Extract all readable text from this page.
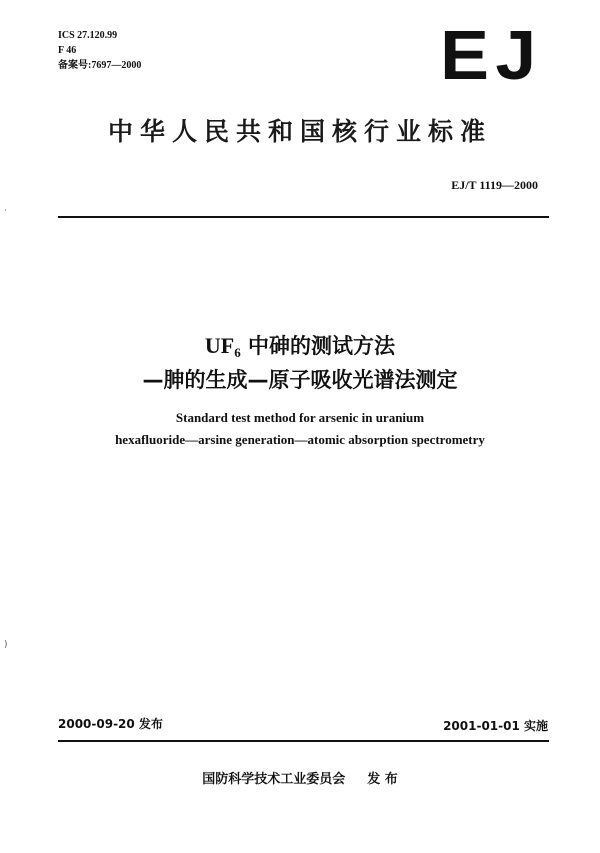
ICS 27.120.99
F 46
备案号:7697—2000	EJ
中华人民共和国核行业标准
EJ/T 1119—2000
$UF_6$ 中砷的测试方法
—胂的生成—原子吸收光谱法测定
Standard test method for arsenic in uranium
hexafluoride—arsine generation—atomic absorption spectrometry
2000-09-20 发布	2001-01-01 实施
国防科学技术工业委员会 发 布
·
)
